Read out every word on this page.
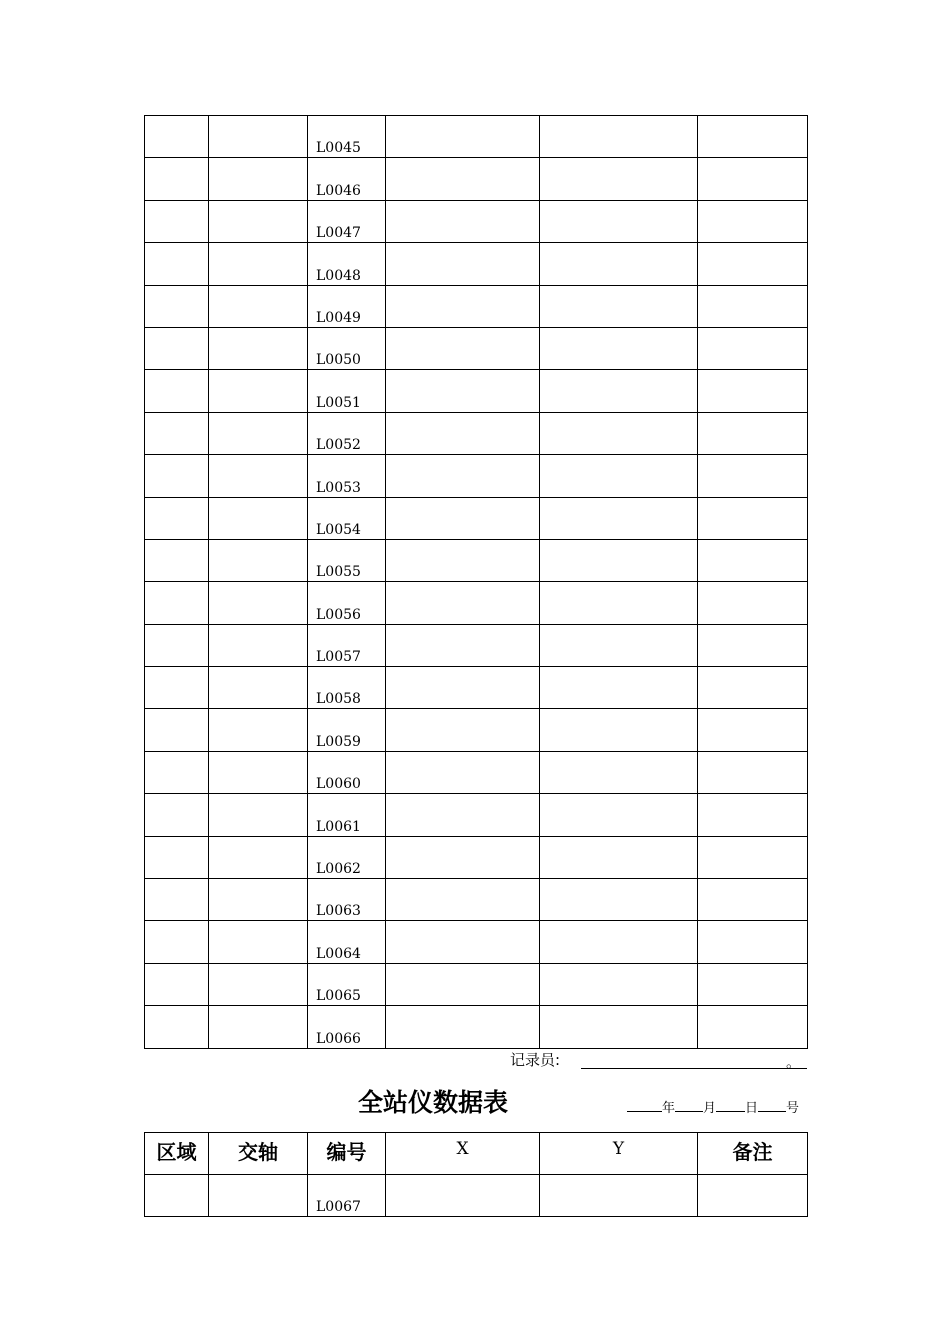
		L0045			
		L0046			
		L0047			
		L0048			
		L0049			
		L0050			
		L0051			
		L0052			
		L0053			
		L0054			
		L0055			
		L0056			
		L0057			
		L0058			
		L0059			
		L0060			
		L0061			
		L0062			
		L0063			
		L0064			
		L0065			
		L0066			
记录员:	。
全站仪数据表	年 月 日 号
区域	交轴	编号	X	Y	备注
		L0067			
